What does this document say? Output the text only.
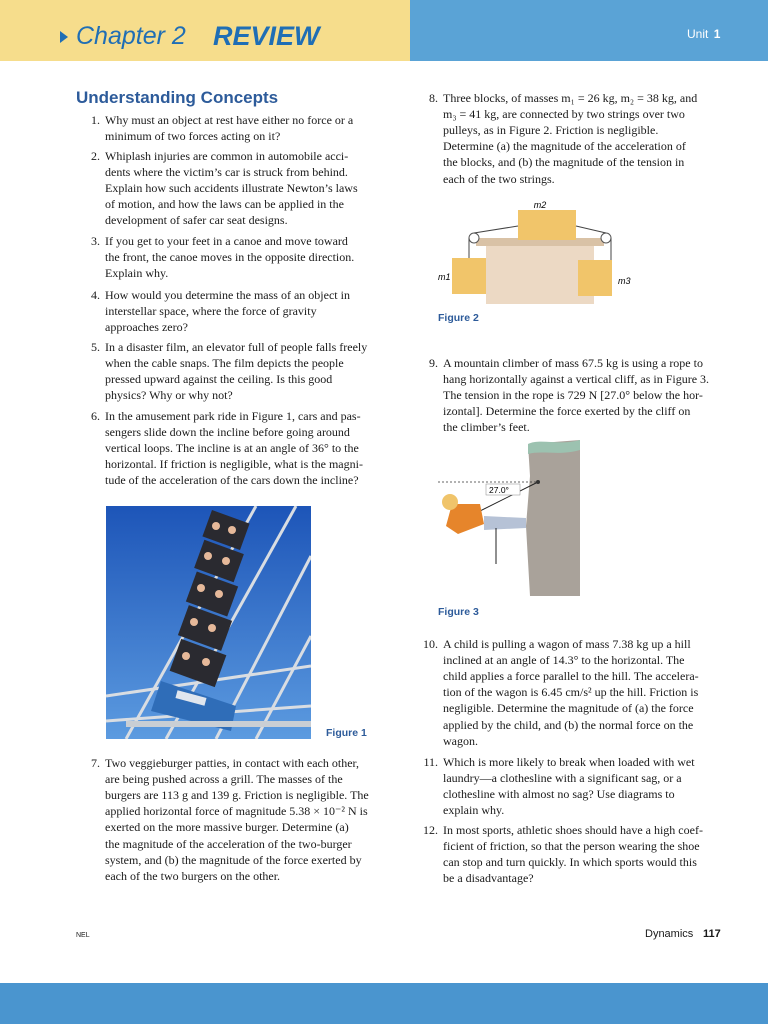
Chapter 2 REVIEW	Unit 1
Understanding Concepts
1. Why must an object at rest have either no force or a
minimum of two forces acting on it?
2. Whiplash injuries are common in automobile acci-
dents where the victim’s car is struck from behind.
Explain how such accidents illustrate Newton’s laws
of motion, and how the laws can be applied in the
development of safer car seat designs.
3. If you get to your feet in a canoe and move toward
the front, the canoe moves in the opposite direction.
Explain why.
4. How would you determine the mass of an object in
interstellar space, where the force of gravity
approaches zero?
5. In a disaster film, an elevator full of people falls freely
when the cable snaps. The film depicts the people
pressed upward against the ceiling. Is this good
physics? Why or why not?
6. In the amusement park ride in Figure 1, cars and pas-
sengers slide down the incline before going around
vertical loops. The incline is at an angle of 36° to the
horizontal. If friction is negligible, what is the magni-
tude of the acceleration of the cars down the incline?
7. Two veggieburger patties, in contact with each other,
are being pushed across a grill. The masses of the
burgers are 113 g and 139 g. Friction is negligible. The
applied horizontal force of magnitude 5.38 × 10⁻² N is
exerted on the more massive burger. Determine (a)
the magnitude of the acceleration of the two-burger
system, and (b) the magnitude of the force exerted by
each of the two burgers on the other.
8. Three blocks, of masses m₁ = 26 kg, m₂ = 38 kg, and
m₃ = 41 kg, are connected by two strings over two
pulleys, as in Figure 2. Friction is negligible.
Determine (a) the magnitude of the acceleration of
the blocks, and (b) the magnitude of the tension in
each of the two strings.
9. A mountain climber of mass 67.5 kg is using a rope to
hang horizontally against a vertical cliff, as in Figure 3.
The tension in the rope is 729 N [27.0° below the hor-
izontal]. Determine the force exerted by the cliff on
the climber’s feet.
10. A child is pulling a wagon of mass 7.38 kg up a hill
inclined at an angle of 14.3° to the horizontal. The
child applies a force parallel to the hill. The accelera-
tion of the wagon is 6.45 cm/s² up the hill. Friction is
negligible. Determine the magnitude of (a) the force
applied by the child, and (b) the normal force on the
wagon.
11. Which is more likely to break when loaded with wet
laundry—a clothesline with a significant sag, or a
clothesline with almost no sag? Use diagrams to
explain why.
12. In most sports, athletic shoes should have a high coef-
ficient of friction, so that the person wearing the shoe
can stop and turn quickly. In which sports would this
be a disadvantage?
Figure 1
m2
m1	m3
Figure 2
27.0°
Figure 3
NEL	Dynamics 117
